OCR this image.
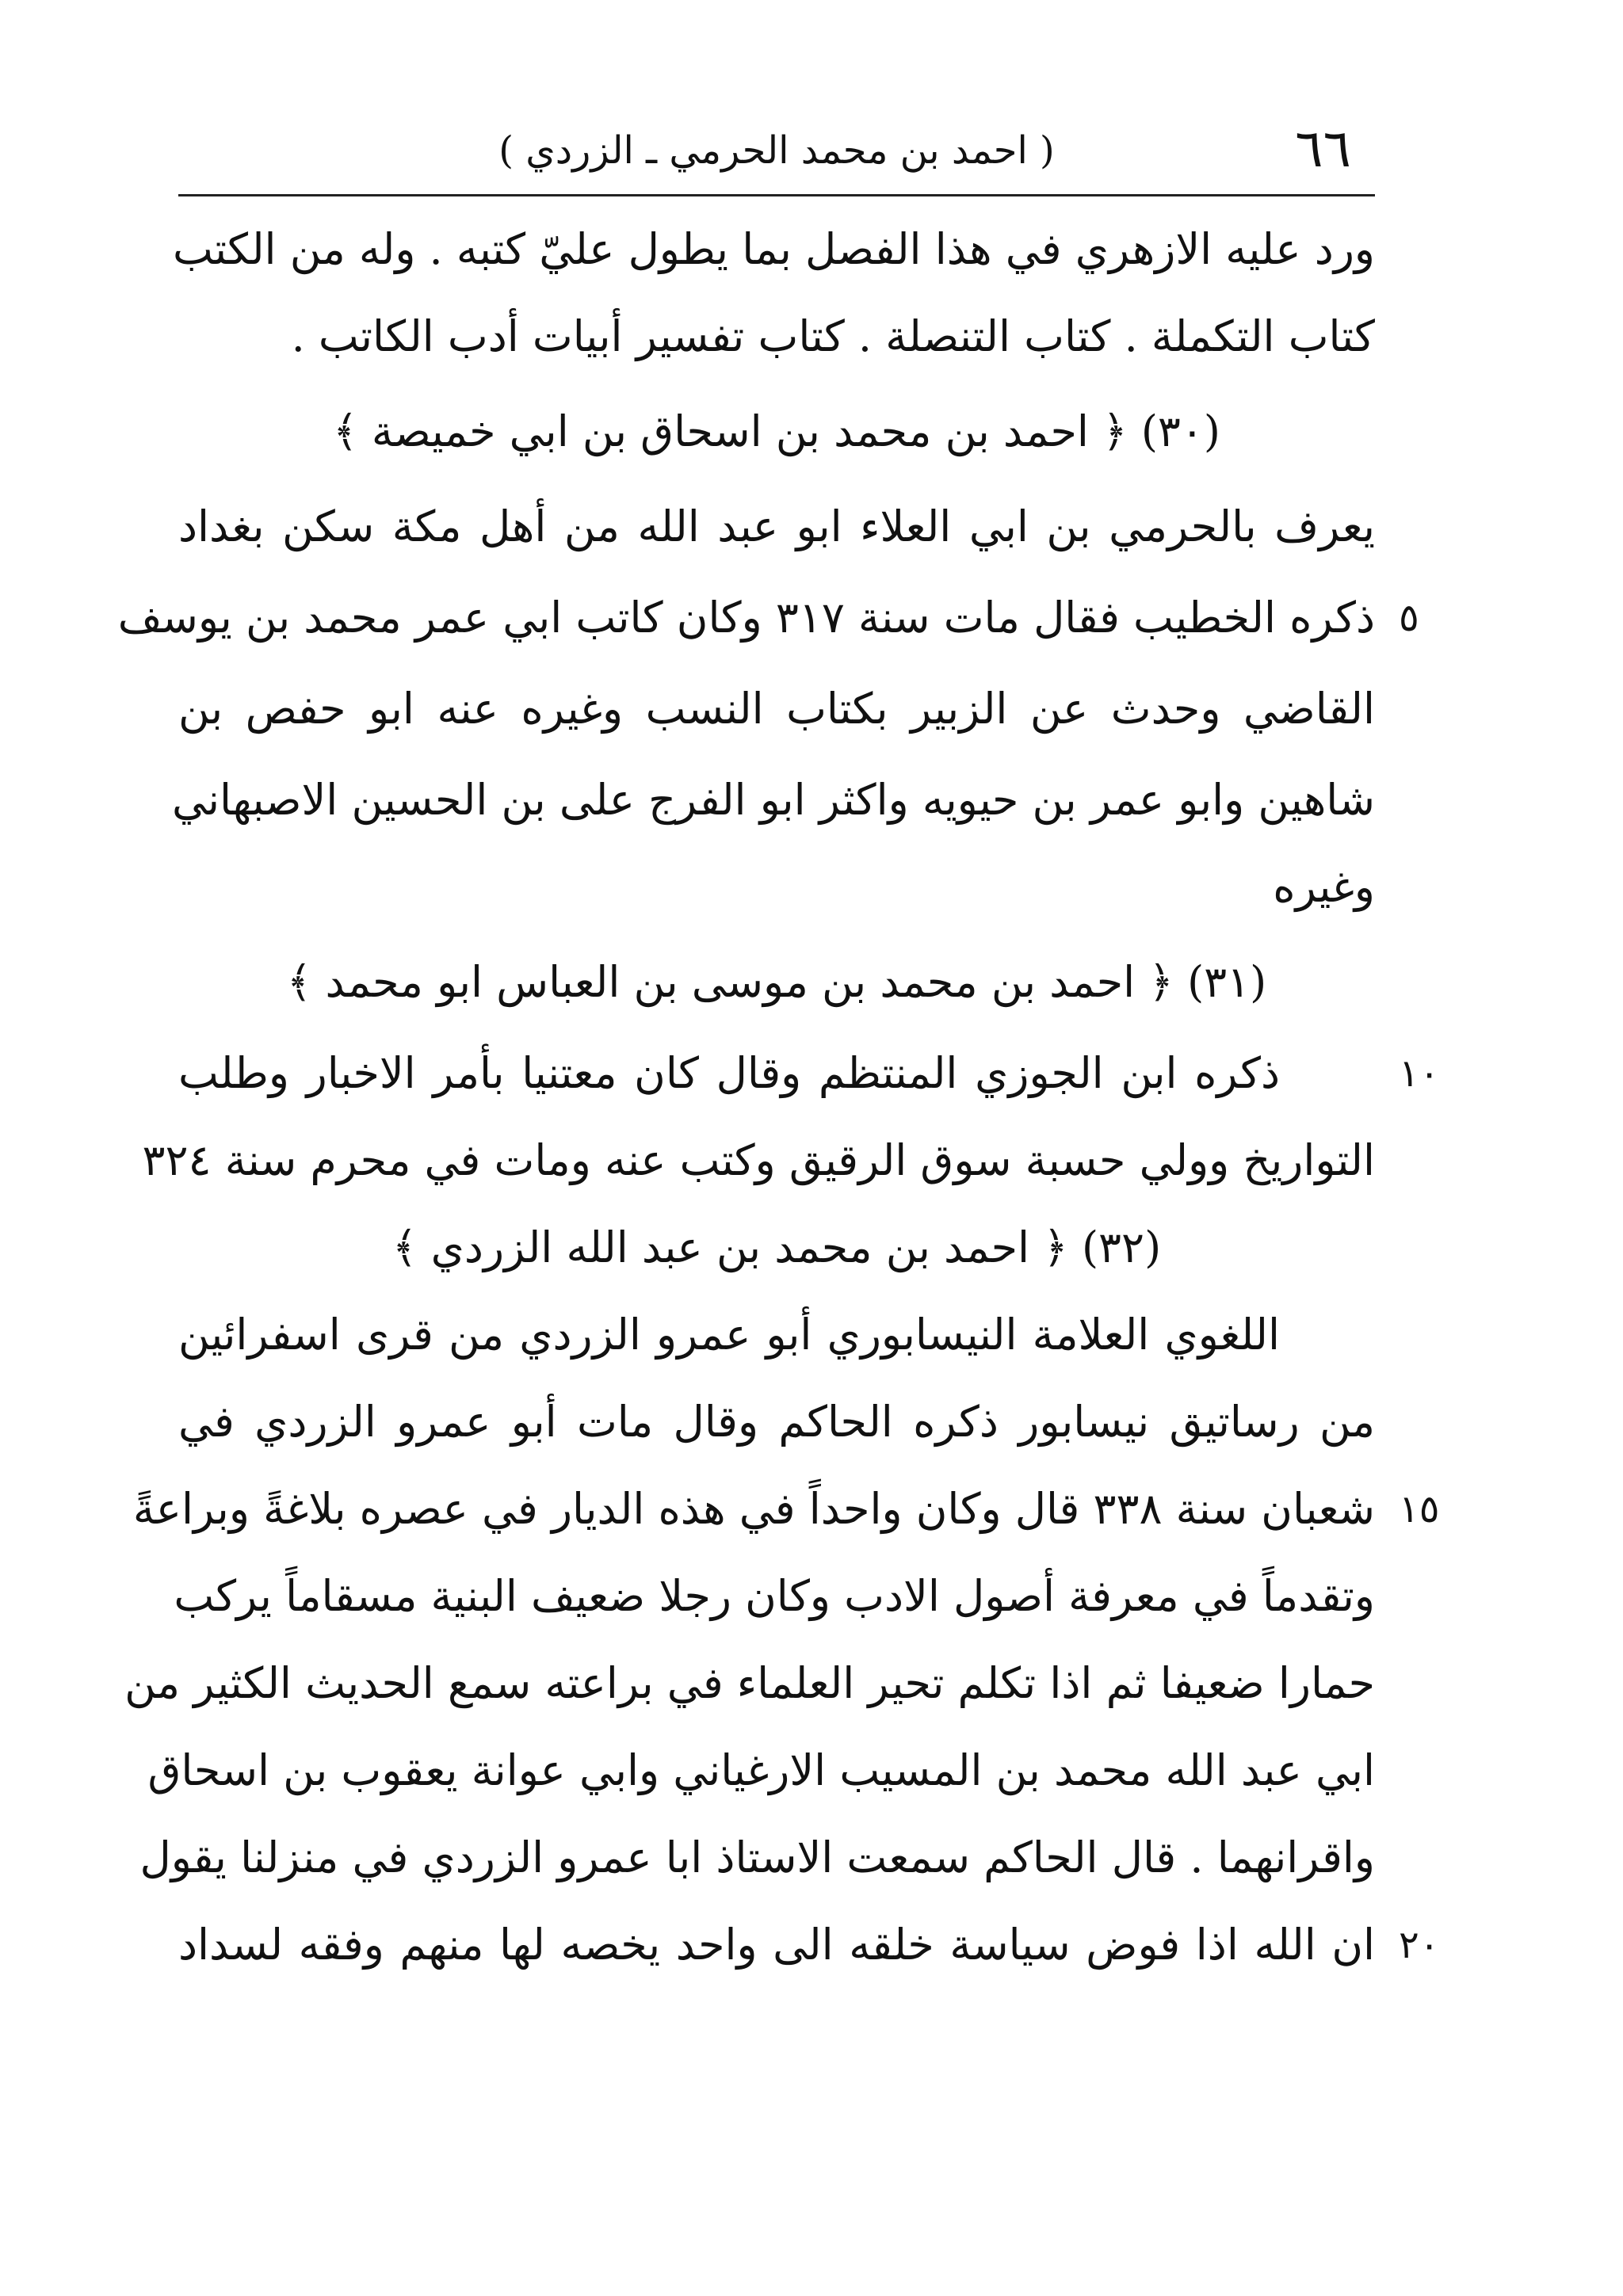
٦٦
( احمد بن محمد الحرمي ـ الزردي )
ورد عليه الازهري في هذا الفصل بما يطول عليّ كتبه . وله من الكتب
كتاب التكملة . كتاب التنصلة . كتاب تفسير أبيات أدب الكاتب .
(٣٠) ﴿ احمد بن محمد بن اسحاق بن ابي خميصة ﴾
يعرف بالحرمي بن ابي العلاء ابو عبد الله من أهل مكة سكن بغداد
ذكره الخطيب فقال مات سنة ٣١٧ وكان كاتب ابي عمر محمد بن يوسف
القاضي وحدث عن الزبير بكتاب النسب وغيره عنه ابو حفص بن
شاهين وابو عمر بن حيويه واكثر ابو الفرج على بن الحسين الاصبهاني
وغيره
(٣١) ﴿ احمد بن محمد بن موسى بن العباس ابو محمد ﴾
ذكره ابن الجوزي المنتظم وقال كان معتنيا بأمر الاخبار وطلب
التواريخ وولي حسبة سوق الرقيق وكتب عنه ومات في محرم سنة ٣٢٤
(٣٢) ﴿ احمد بن محمد بن عبد الله الزردي ﴾
اللغوي العلامة النيسابوري أبو عمرو الزردي من قرى اسفرائين
من رساتيق نيسابور ذكره الحاكم وقال مات أبو عمرو الزردي في
شعبان سنة ٣٣٨ قال وكان واحداً في هذه الديار في عصره بلاغةً وبراعةً
وتقدماً في معرفة أصول الادب وكان رجلا ضعيف البنية مسقاماً يركب
حمارا ضعيفا ثم اذا تكلم تحير العلماء في براعته سمع الحديث الكثير من
ابي عبد الله محمد بن المسيب الارغياني وابي عوانة يعقوب بن اسحاق
واقرانهما . قال الحاكم سمعت الاستاذ ابا عمرو الزردي في منزلنا يقول
ان الله اذا فوض سياسة خلقه الى واحد يخصه لها منهم وفقه لسداد
٥
١٠
١٥
٢٠
